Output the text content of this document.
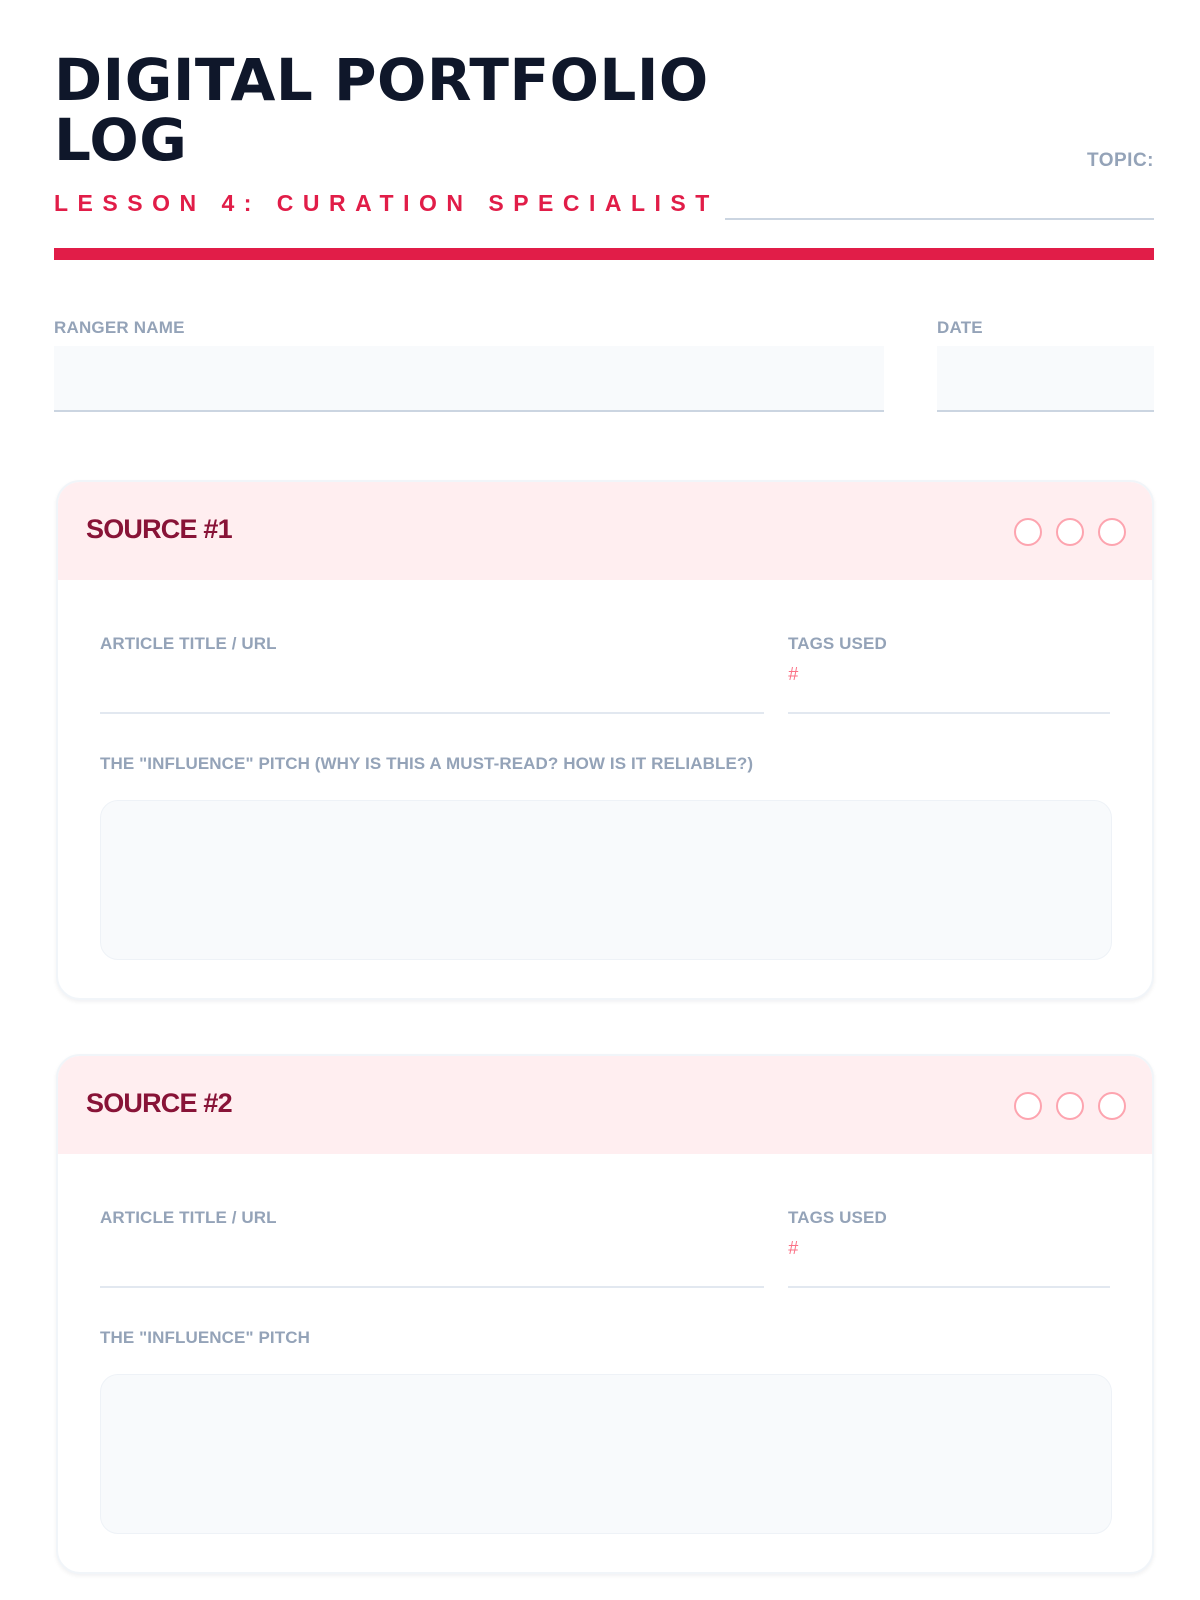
DIGITAL PORTFOLIO
LOG
LESSON 4: CURATION SPECIALIST
TOPIC:
RANGER NAME	DATE
SOURCE #1
ARTICLE TITLE / URL	TAGS USED
#
THE "INFLUENCE" PITCH (WHY IS THIS A MUST-READ? HOW IS IT RELIABLE?)
SOURCE #2
ARTICLE TITLE / URL	TAGS USED
#
THE "INFLUENCE" PITCH
